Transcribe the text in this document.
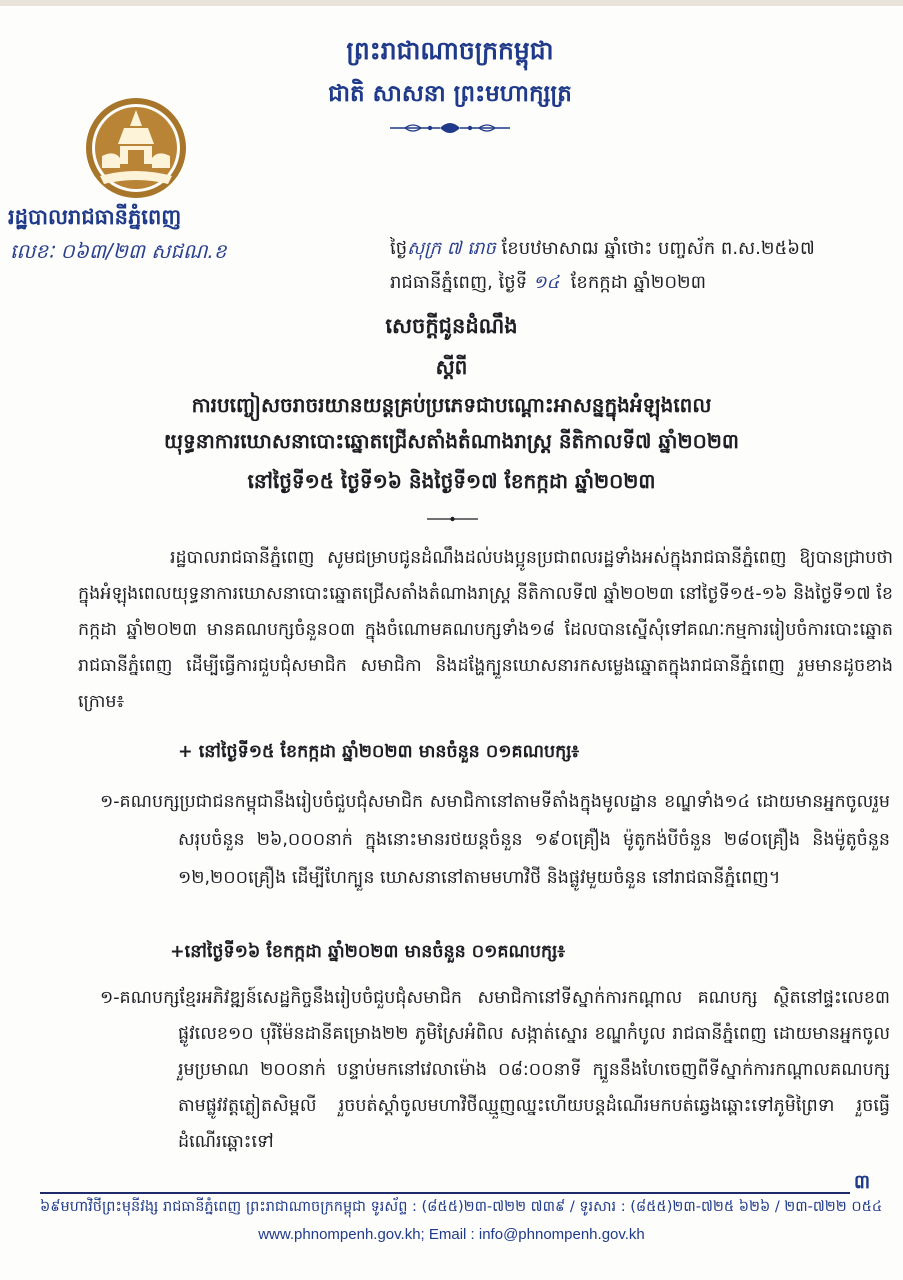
ព្រះរាជាណាចក្រកម្ពុជា
ជាតិ សាសនា ព្រះមហាក្សត្រ
រដ្ឋបាលរាជធានីភ្នំពេញ
លេខៈ ០៦៣/២៣ សជណ.ខ	ថ្ងៃសុក្រ ៧ រោច ខែបឋមាសាឍ ឆ្នាំថោះ បញ្ចស័ក ព.ស.២៥៦៧
រាជធានីភ្នំពេញ, ថ្ងៃទី ១៤ ខែកក្កដា ឆ្នាំ២០២៣
សេចក្តីជូនដំណឹង
ស្តីពី
ការបញ្ចៀសចរាចរយានយន្តគ្រប់ប្រភេទជាបណ្តោះអាសន្នក្នុងអំឡុងពេល
យុទ្ធនាការឃោសនាបោះឆ្នោតជ្រើសតាំងតំណាងរាស្ត្រ នីតិកាលទី៧ ឆ្នាំ២០២៣
នៅថ្ងៃទី១៥ ថ្ងៃទី១៦ និងថ្ងៃទី១៧ ខែកក្កដា ឆ្នាំ២០២៣
រដ្ឋបាលរាជធានីភ្នំពេញ សូមជម្រាបជូនដំណឹងដល់បងប្អូនប្រជាពលរដ្ឋទាំងអស់ក្នុងរាជធានីភ្នំពេញ ឱ្យបានជ្រាបថា ក្នុងអំឡុងពេលយុទ្ធនាការឃោសនាបោះឆ្នោតជ្រើសតាំងតំណាងរាស្ត្រ នីតិកាលទី៧ ឆ្នាំ២០២៣ នៅថ្ងៃទី១៥-១៦ និងថ្ងៃទី១៧ ខែកក្កដា ឆ្នាំ២០២៣ មានគណបក្សចំនួន០៣ ក្នុងចំណោមគណបក្សទាំង១៨ ដែលបានស្នើសុំទៅគណៈកម្មការរៀបចំការបោះឆ្នោតរាជធានីភ្នំពេញ ដើម្បីធ្វើការជួបជុំសមាជិក សមាជិកា និងដង្ហែក្បួនឃោសនារកសម្លេងឆ្នោតក្នុងរាជធានីភ្នំពេញ រួមមានដូចខាងក្រោម៖
+ នៅថ្ងៃទី១៥ ខែកក្កដា ឆ្នាំ២០២៣ មានចំនួន ០១គណបក្ស៖
១-គណបក្សប្រជាជនកម្ពុជានឹងរៀបចំជួបជុំសមាជិក សមាជិកានៅតាមទីតាំងក្នុងមូលដ្ឋាន ខណ្ឌទាំង១៤ ដោយមានអ្នកចូលរួមសរុបចំនួន ២៦,០០០នាក់ ក្នុងនោះមានរថយន្តចំនួន ១៩០គ្រឿង ម៉ូតូកង់បីចំនួន ២៨០គ្រឿង និងម៉ូតូចំនួន ១២,២០០គ្រឿង ដើម្បីហែក្បួន ឃោសនានៅតាមមហាវិថី និងផ្លូវមួយចំនួន នៅរាជធានីភ្នំពេញ។
+នៅថ្ងៃទី១៦ ខែកក្កដា ឆ្នាំ២០២៣ មានចំនួន ០១គណបក្ស៖
១-គណបក្សខ្មែរអភិវឌ្ឍន៍សេដ្ឋកិច្ចនឹងរៀបចំជួបជុំសមាជិក សមាជិកានៅទីស្នាក់ការកណ្តាល គណបក្ស ស្ថិតនៅផ្ទះលេខ៣ ផ្លូវលេខ១០ បុរីម៉ែនដានីគម្រោង២២ ភូមិស្រែអំពិល សង្កាត់ស្នោរ ខណ្ឌកំបូល រាជធានីភ្នំពេញ ដោយមានអ្នកចូលរួមប្រមាណ ២០០នាក់ បន្ទាប់មកនៅវេលាម៉ោង ០៨:០០នាទី ក្បួននឹងហែចេញពីទីស្នាក់ការកណ្តាលគណបក្សតាមផ្លូវវត្តភ្លៀតសិម្ពលី រួចបត់ស្តាំចូលមហាវិថីឈ្មួញឈ្នះហើយបន្តដំណើរមកបត់ឆ្វេងឆ្ពោះទៅភូមិព្រៃទា រួចធ្វើដំណើរឆ្ពោះទៅ
៣
៦៩មហាវិថីព្រះមុនីវង្ស រាជធានីភ្នំពេញ ព្រះរាជាណាចក្រកម្ពុជា ទូរស័ព្ទ : (៨៥៥)២៣-៧២២ ៧៣៩ / ទូរសារ : (៨៥៥)២៣-៧២៥ ៦២៦ / ២៣-៧២២ ០៥៤
www.phnompenh.gov.kh; Email : info@phnompenh.gov.kh
